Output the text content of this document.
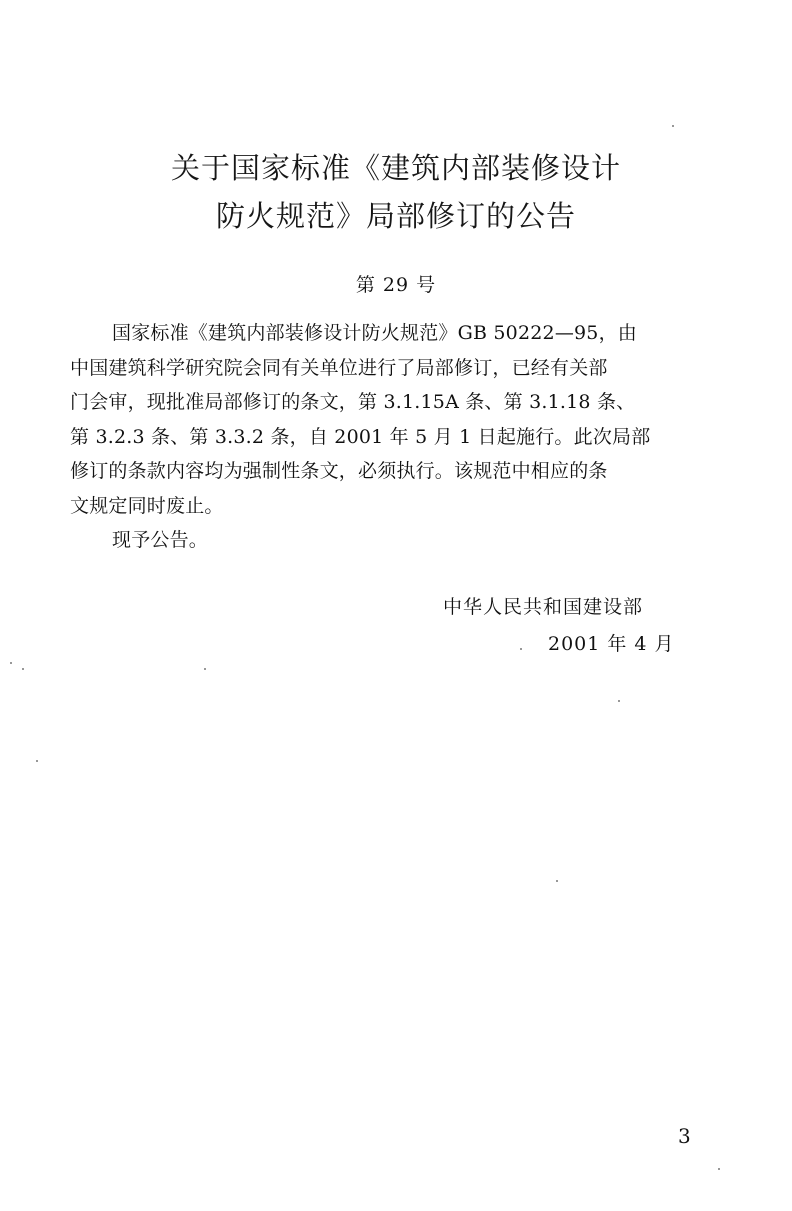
关于国家标准《建筑内部装修设计
防火规范》局部修订的公告
第 29 号
国家标准《建筑内部装修设计防火规范》GB 50222—95，由
中国建筑科学研究院会同有关单位进行了局部修订，已经有关部
门会审，现批准局部修订的条文，第 3.1.15A 条、第 3.1.18 条、
第 3.2.3 条、第 3.3.2 条，自 2001 年 5 月 1 日起施行。此次局部
修订的条款内容均为强制性条文，必须执行。该规范中相应的条
文规定同时废止。
现予公告。
中华人民共和国建设部
2001 年 4 月
3
